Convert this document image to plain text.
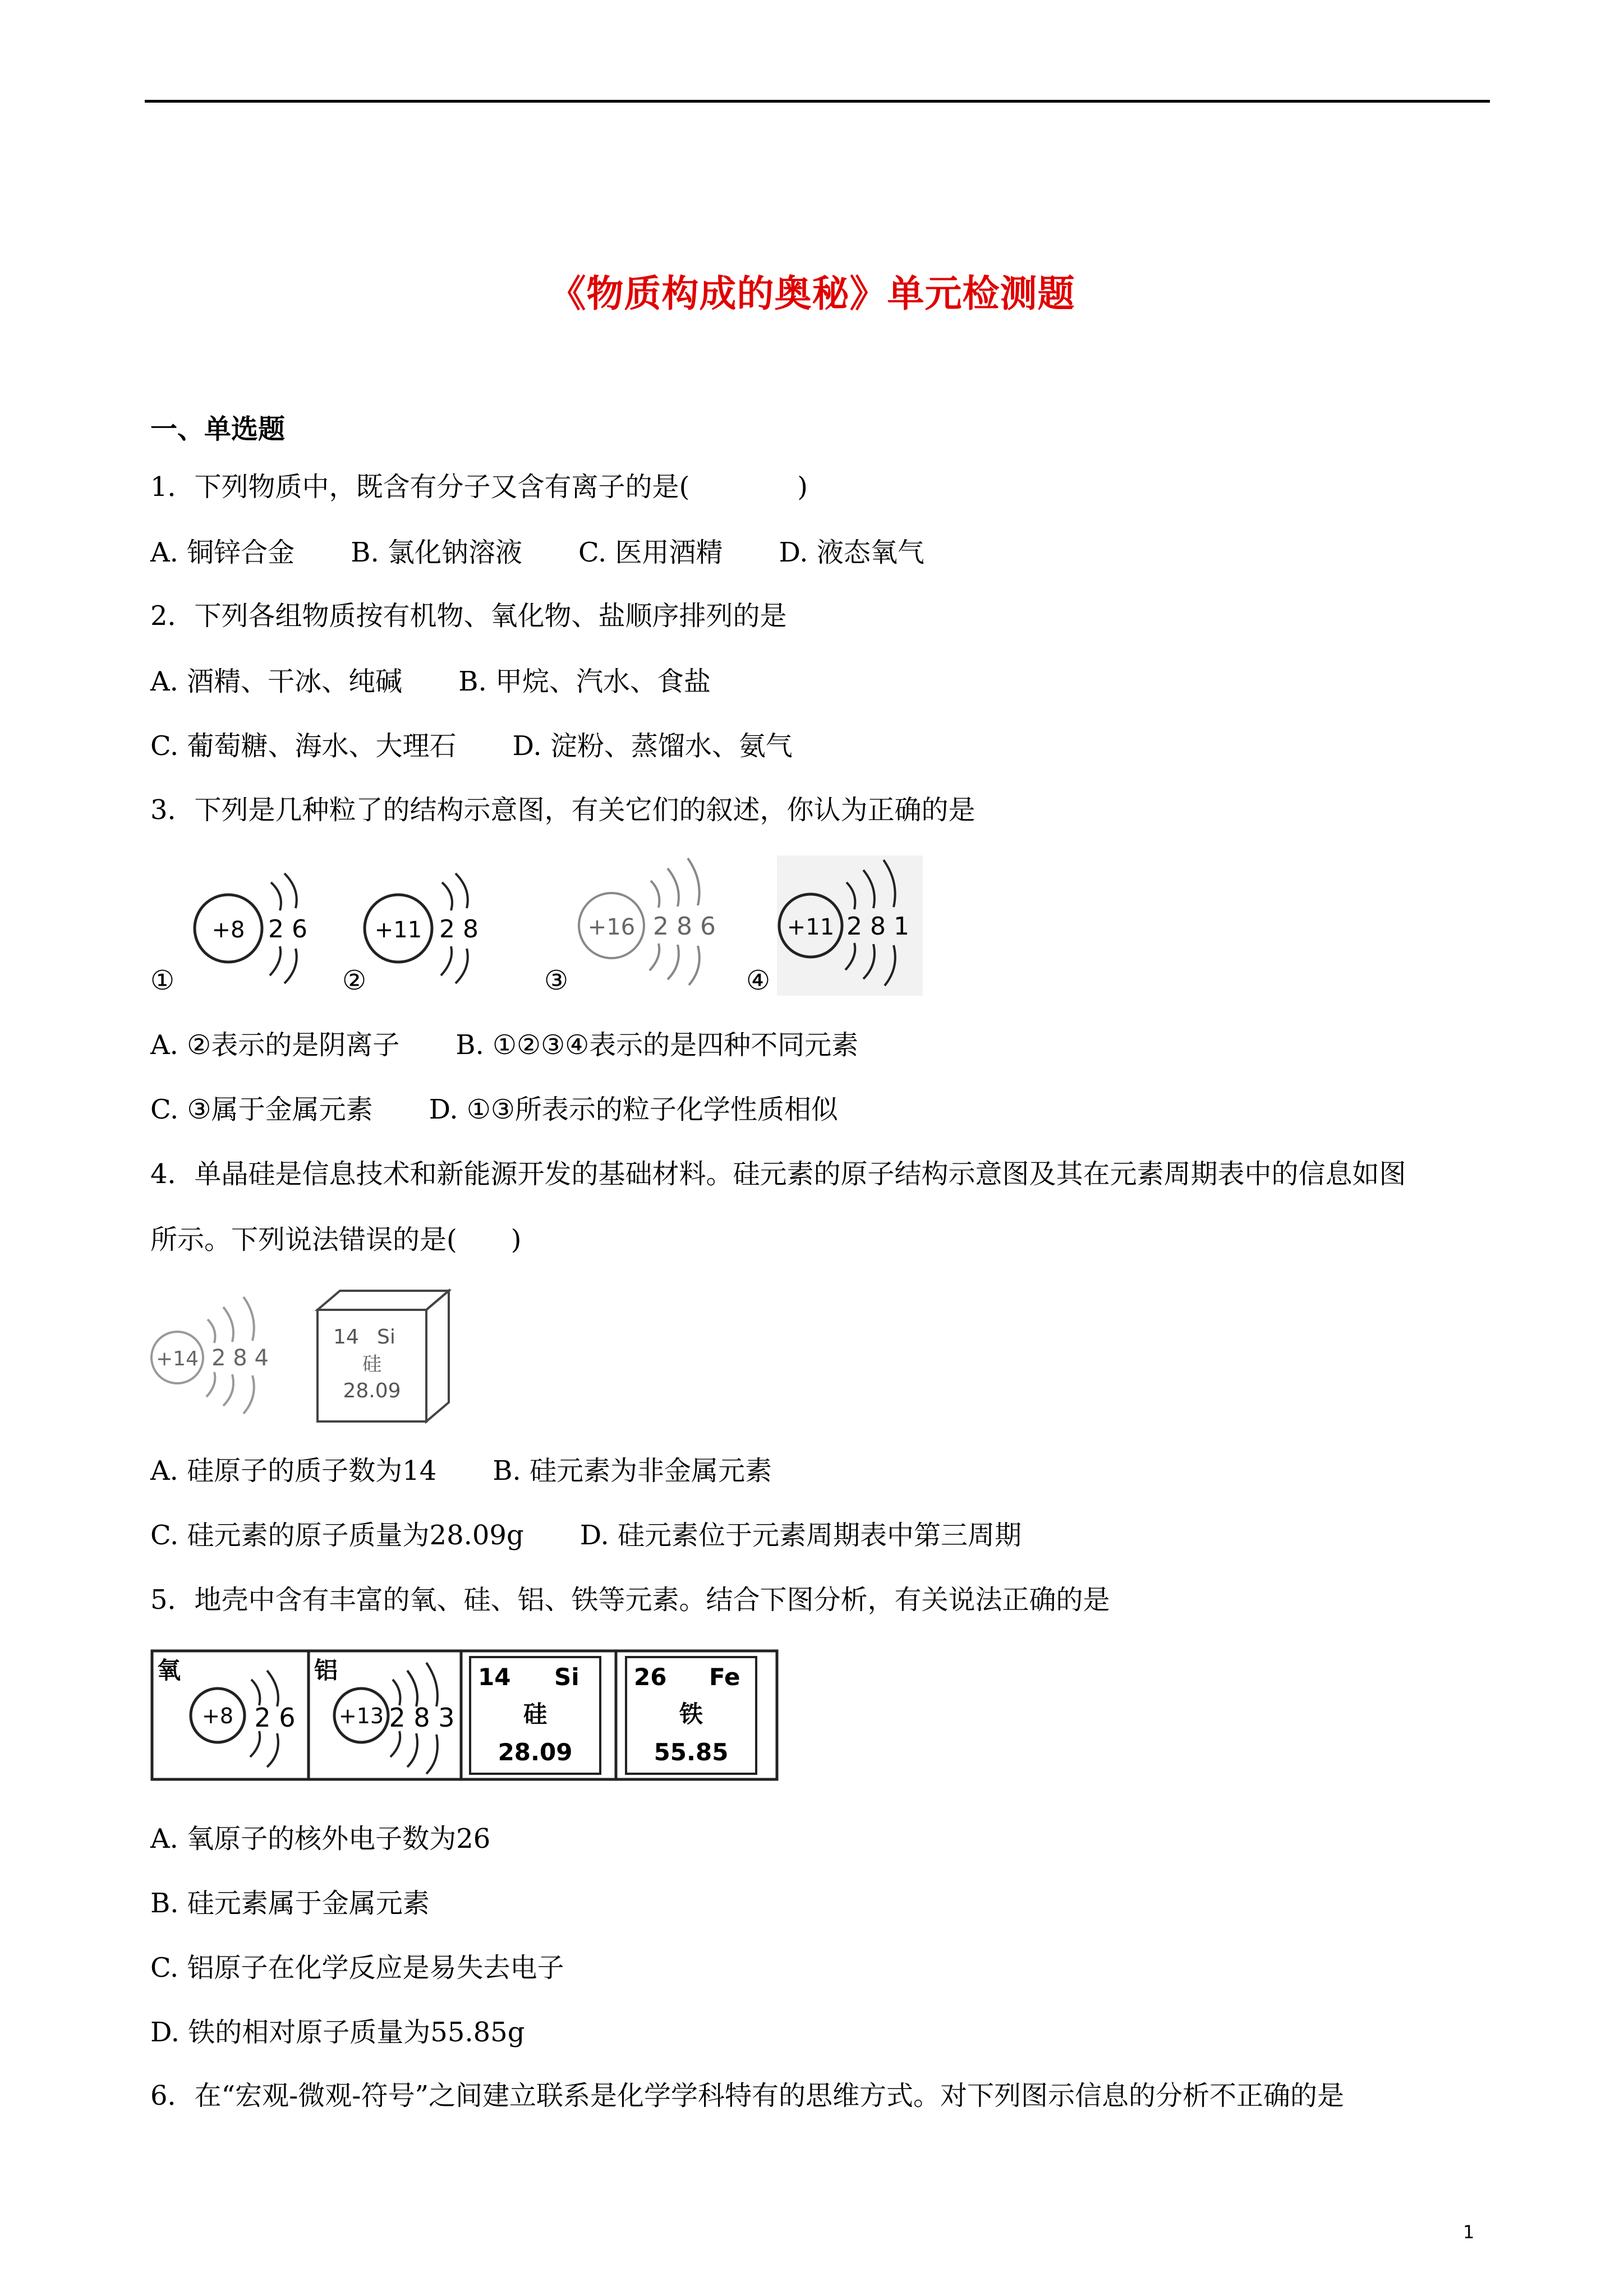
《物质构成的奥秘》单元检测题
一、单选题
1．下列物质中，既含有分子又含有离子的是(　　　　)
A. 铜锌合金 B. 氯化钠溶液 C. 医用酒精 D. 液态氧气
2．下列各组物质按有机物、氧化物、盐顺序排列的是
A. 酒精、干冰、纯碱 B. 甲烷、汽水、食盐
C. 葡萄糖、海水、大理石 D. 淀粉、蒸馏水、氨气
3．下列是几种粒了的结构示意图，有关它们的叙述，你认为正确的是
+8 2 6
①
+11 2 8
②
+16 2 8 6
③
+11 2 8 1
④
A. ②表示的是阴离子 B. ①②③④表示的是四种不同元素
C. ③属于金属元素 D. ①③所表示的粒子化学性质相似
4．单晶硅是信息技术和新能源开发的基础材料。硅元素的原子结构示意图及其在元素周期表中的信息如图
所示。下列说法错误的是(　　)
+14 2 8 4
14 Si
硅
28.09
A. 硅原子的质子数为14 B. 硅元素为非金属元素
C. 硅元素的原子质量为28.09g D. 硅元素位于元素周期表中第三周期
5．地壳中含有丰富的氧、硅、铝、铁等元素。结合下图分析，有关说法正确的是
氧
+8 2 6
铝
+13 2 8 3
14 Si
硅
28.09
26 Fe
铁
55.85
A. 氧原子的核外电子数为26
B. 硅元素属于金属元素
C. 铝原子在化学反应是易失去电子
D. 铁的相对原子质量为55.85g
6．在“宏观-微观-符号”之间建立联系是化学学科特有的思维方式。对下列图示信息的分析不正确的是
1
